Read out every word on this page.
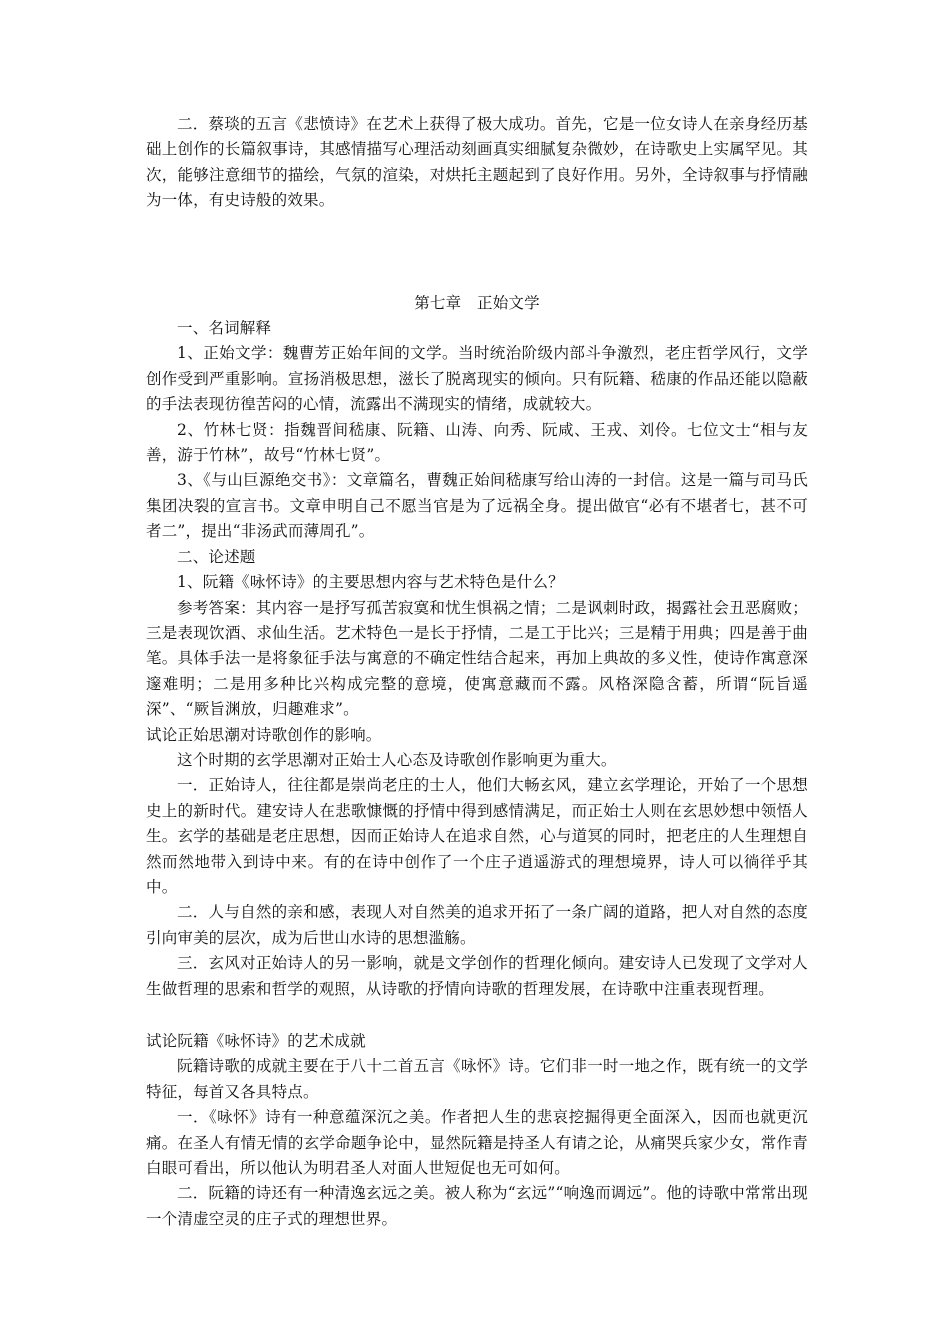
二．蔡琰的五言《悲愤诗》在艺术上获得了极大成功。首先，它是一位女诗人在亲身经历基础上创作的长篇叙事诗，其感情描写心理活动刻画真实细腻复杂微妙，在诗歌史上实属罕见。其次，能够注意细节的描绘，气氛的渲染，对烘托主题起到了良好作用。另外，全诗叙事与抒情融为一体，有史诗般的效果。

第七章　正始文学

一、名词解释

1、正始文学：魏曹芳正始年间的文学。当时统治阶级内部斗争激烈，老庄哲学风行，文学创作受到严重影响。宣扬消极思想，滋长了脱离现实的倾向。只有阮籍、嵇康的作品还能以隐蔽的手法表现彷徨苦闷的心情，流露出不满现实的情绪，成就较大。

2、竹林七贤：指魏晋间嵇康、阮籍、山涛、向秀、阮咸、王戎、刘伶。七位文士“相与友善，游于竹林”，故号“竹林七贤”。

3、《与山巨源绝交书》：文章篇名，曹魏正始间嵇康写给山涛的一封信。这是一篇与司马氏集团决裂的宣言书。文章申明自己不愿当官是为了远祸全身。提出做官“必有不堪者七，甚不可者二”，提出“非汤武而薄周孔”。

二、论述题

1、阮籍《咏怀诗》的主要思想内容与艺术特色是什么？

参考答案：其内容一是抒写孤苦寂寞和忧生惧祸之情；二是讽刺时政，揭露社会丑恶腐败；三是表现饮酒、求仙生活。艺术特色一是长于抒情，二是工于比兴；三是精于用典；四是善于曲笔。具体手法一是将象征手法与寓意的不确定性结合起来，再加上典故的多义性，使诗作寓意深邃难明；二是用多种比兴构成完整的意境，使寓意藏而不露。风格深隐含蓄，所谓“阮旨遥深”、“厥旨渊放，归趣难求”。

试论正始思潮对诗歌创作的影响。

这个时期的玄学思潮对正始士人心态及诗歌创作影响更为重大。

一．正始诗人，往往都是崇尚老庄的士人，他们大畅玄风，建立玄学理论，开始了一个思想史上的新时代。建安诗人在悲歌慷慨的抒情中得到感情满足，而正始士人则在玄思妙想中领悟人生。玄学的基础是老庄思想，因而正始诗人在追求自然，心与道冥的同时，把老庄的人生理想自然而然地带入到诗中来。有的在诗中创作了一个庄子逍遥游式的理想境界，诗人可以徜徉乎其中。

二．人与自然的亲和感，表现人对自然美的追求开拓了一条广阔的道路，把人对自然的态度引向审美的层次，成为后世山水诗的思想滥觞。

三．玄风对正始诗人的另一影响，就是文学创作的哲理化倾向。建安诗人已发现了文学对人生做哲理的思索和哲学的观照，从诗歌的抒情向诗歌的哲理发展，在诗歌中注重表现哲理。

试论阮籍《咏怀诗》的艺术成就

阮籍诗歌的成就主要在于八十二首五言《咏怀》诗。它们非一时一地之作，既有统一的文学特征，每首又各具特点。

一．《咏怀》诗有一种意蕴深沉之美。作者把人生的悲哀挖掘得更全面深入，因而也就更沉痛。在圣人有情无情的玄学命题争论中，显然阮籍是持圣人有请之论，从痛哭兵家少女，常作青白眼可看出，所以他认为明君圣人对面人世短促也无可如何。

二．阮籍的诗还有一种清逸玄远之美。被人称为“玄远”“响逸而调远”。他的诗歌中常常出现一个清虚空灵的庄子式的理想世界。
